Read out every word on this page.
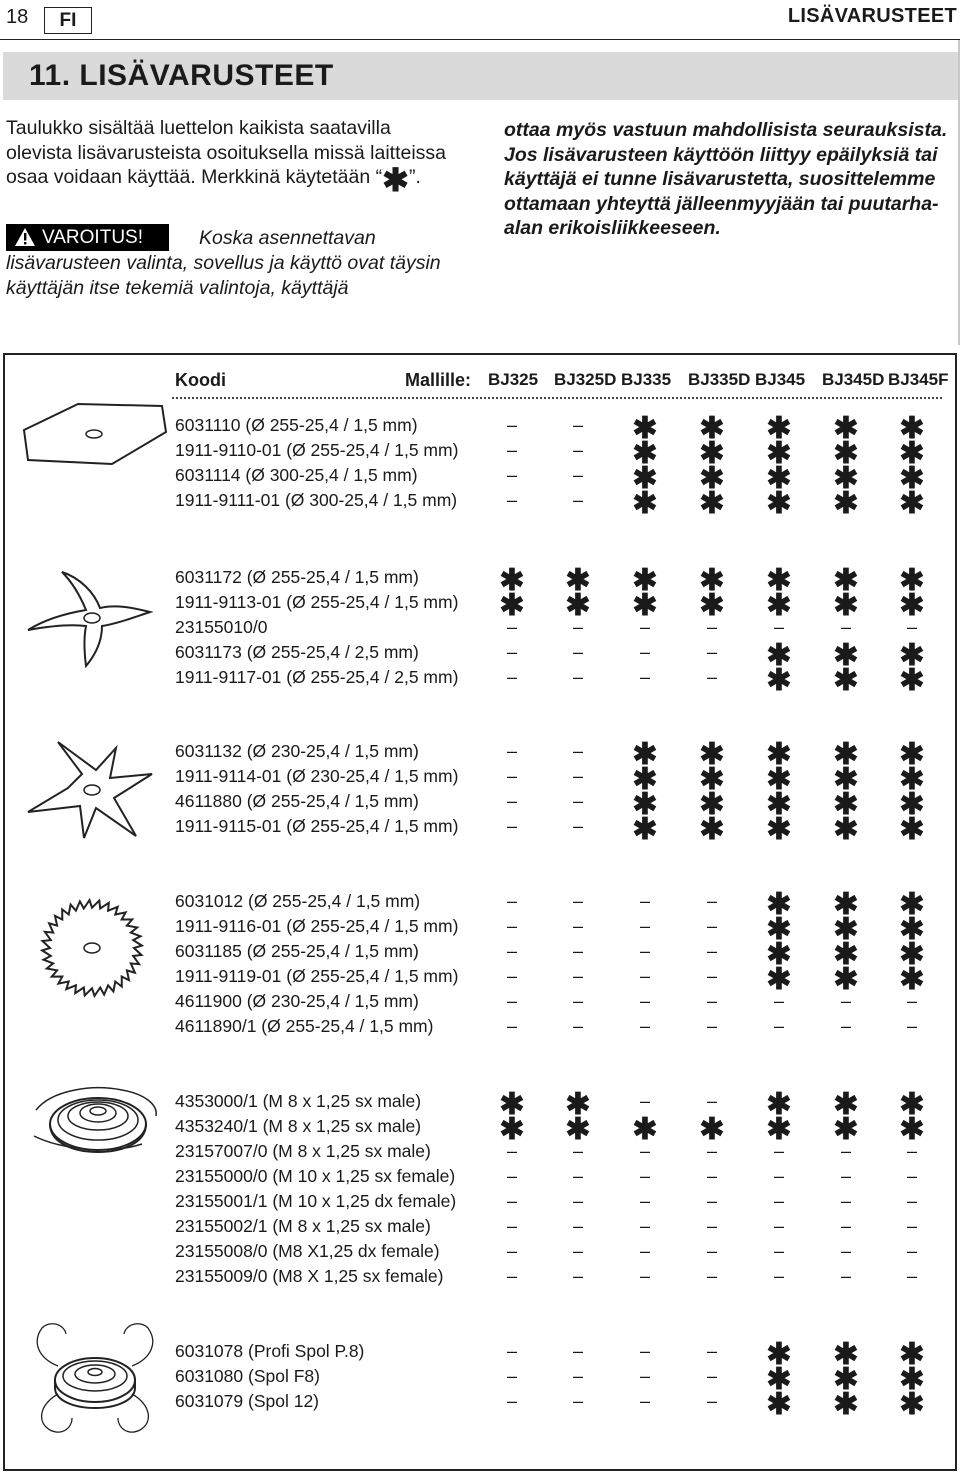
18	FI	LISÄVARUSTEET
11. LISÄVARUSTEET
Taulukko sisältää luettelon kaikista saatavilla olevista lisävarusteista osoituksella missä laitteissa osaa voidaan käyttää. Merkkinä käytetään “✱”.
VAROITUS!	Koska asennettavan lisävarusteen valinta, sovellus ja käyttö ovat täysin käyttäjän itse tekemiä valintoja, käyttäjä
ottaa myös vastuun mahdollisista seurauksista. Jos lisävarusteen käyttöön liittyy epäilyksiä tai käyttäjä ei tunne lisävarustetta, suosittelemme ottamaan yhteyttä jälleenmyyjään tai puutarha-alan erikoisliikkeeseen.
Koodi	Mallille: BJ325 BJ325D BJ335 BJ335D BJ345 BJ345D BJ345F
6031110 (Ø 255-25,4 / 1,5 mm)	–	–	✱ ✱ ✱ ✱ ✱
1911-9110-01 (Ø 255-25,4 / 1,5 mm)	–	–	✱ ✱ ✱ ✱ ✱
6031114 (Ø 300-25,4 / 1,5 mm)	–	–	✱ ✱ ✱ ✱ ✱
1911-9111-01 (Ø 300-25,4 / 1,5 mm)	–	–	✱ ✱ ✱ ✱ ✱
6031172 (Ø 255-25,4 / 1,5 mm)	✱ ✱ ✱ ✱ ✱ ✱ ✱
1911-9113-01 (Ø 255-25,4 / 1,5 mm) ✱ ✱ ✱ ✱ ✱ ✱ ✱
23155010/0	–	–	–	–	–	–	–
6031173 (Ø 255-25,4 / 2,5 mm)	–	–	–	–	✱ ✱ ✱
1911-9117-01 (Ø 255-25,4 / 2,5 mm)	–	–	–	–	✱ ✱ ✱
6031132 (Ø 230-25,4 / 1,5 mm)	–	–	✱ ✱ ✱ ✱ ✱
1911-9114-01 (Ø 230-25,4 / 1,5 mm)	–	–	✱ ✱ ✱ ✱ ✱
4611880 (Ø 255-25,4 / 1,5 mm)	–	–	✱ ✱ ✱ ✱ ✱
1911-9115-01 (Ø 255-25,4 / 1,5 mm)	–	–	✱ ✱ ✱ ✱ ✱
6031012 (Ø 255-25,4 / 1,5 mm)	–	–	–	–	✱ ✱ ✱
1911-9116-01 (Ø 255-25,4 / 1,5 mm)	–	–	–	–	✱ ✱ ✱
6031185 (Ø 255-25,4 / 1,5 mm)	–	–	–	–	✱ ✱ ✱
1911-9119-01 (Ø 255-25,4 / 1,5 mm)	–	–	–	–	✱ ✱ ✱
4611900 (Ø 230-25,4 / 1,5 mm)	–	–	–	–	–	–	–
4611890/1 (Ø 255-25,4 / 1,5 mm)	–	–	–	–	–	–	–
4353000/1 (M 8 x 1,25 sx male)	✱ ✱	–	–	✱ ✱ ✱
4353240/1 (M 8 x 1,25 sx male)	✱ ✱ ✱ ✱ ✱ ✱ ✱
23157007/0 (M 8 x 1,25 sx male)	–	–	–	–	–	–	–
23155000/0 (M 10 x 1,25 sx female)	–	–	–	–	–	–	–
23155001/1 (M 10 x 1,25 dx female)	–	–	–	–	–	–	–
23155002/1 (M 8 x 1,25 sx male)	–	–	–	–	–	–	–
23155008/0 (M8 X1,25 dx female)	–	–	–	–	–	–	–
23155009/0 (M8 X 1,25 sx female)	–	–	–	–	–	–	–
6031078 (Profi Spol P.8)	–	–	–	–	✱ ✱ ✱
6031080 (Spol F8)	–	–	–	–	✱ ✱ ✱
6031079 (Spol 12)	–	–	–	–	✱ ✱ ✱
